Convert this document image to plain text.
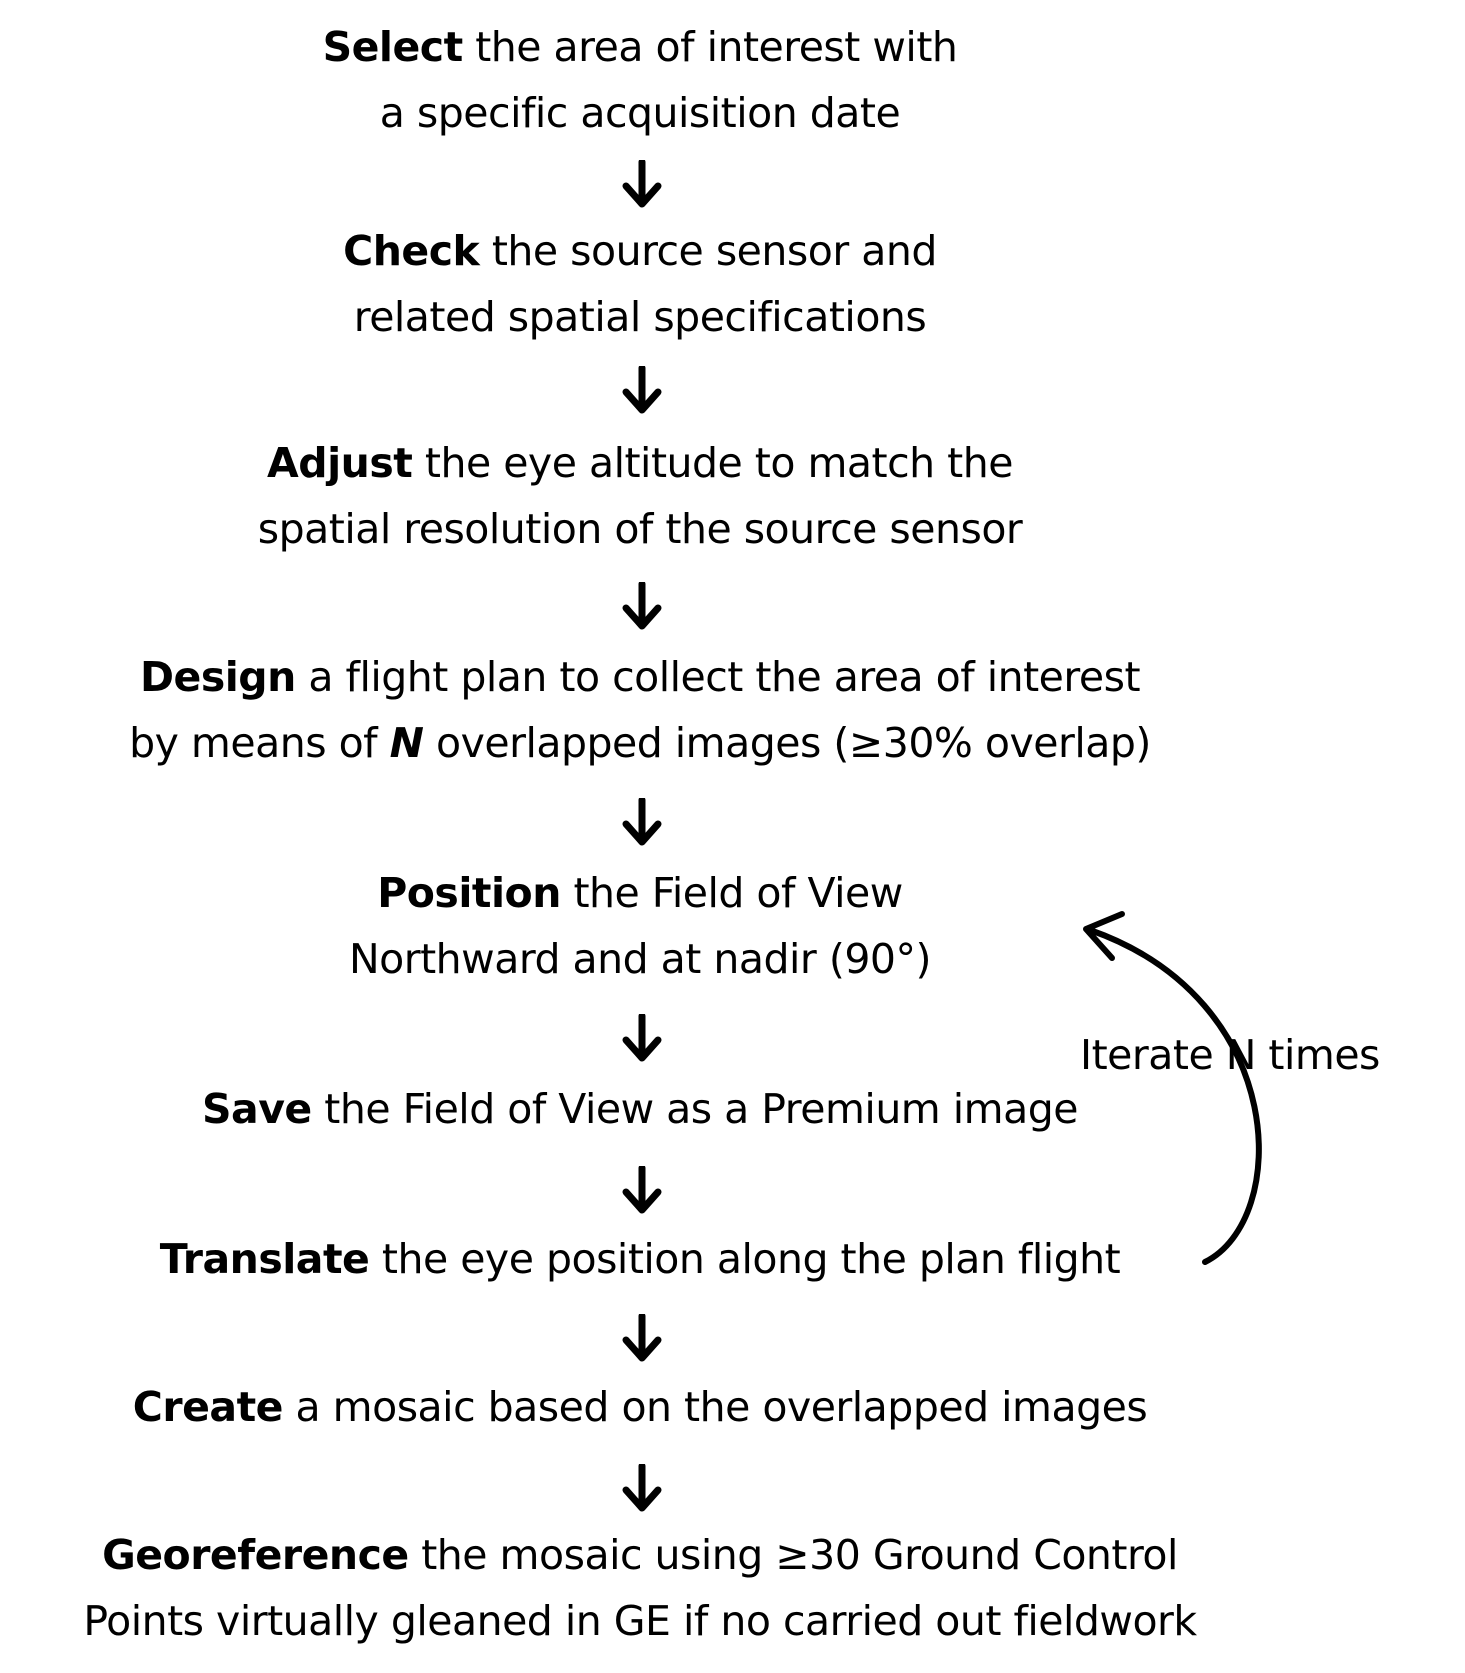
Select the area of interest with
a specific acquisition date
Check the source sensor and
related spatial specifications
Adjust the eye altitude to match the
spatial resolution of the source sensor
Design a flight plan to collect the area of interest
by means of N overlapped images (≥30% overlap)
Position the Field of View
Northward and at nadir (90°)
Save the Field of View as a Premium image
Translate the eye position along the plan flight
Create a mosaic based on the overlapped images
Georeference the mosaic using ≥30 Ground Control
Points virtually gleaned in GE if no carried out fieldwork
Iterate N times
